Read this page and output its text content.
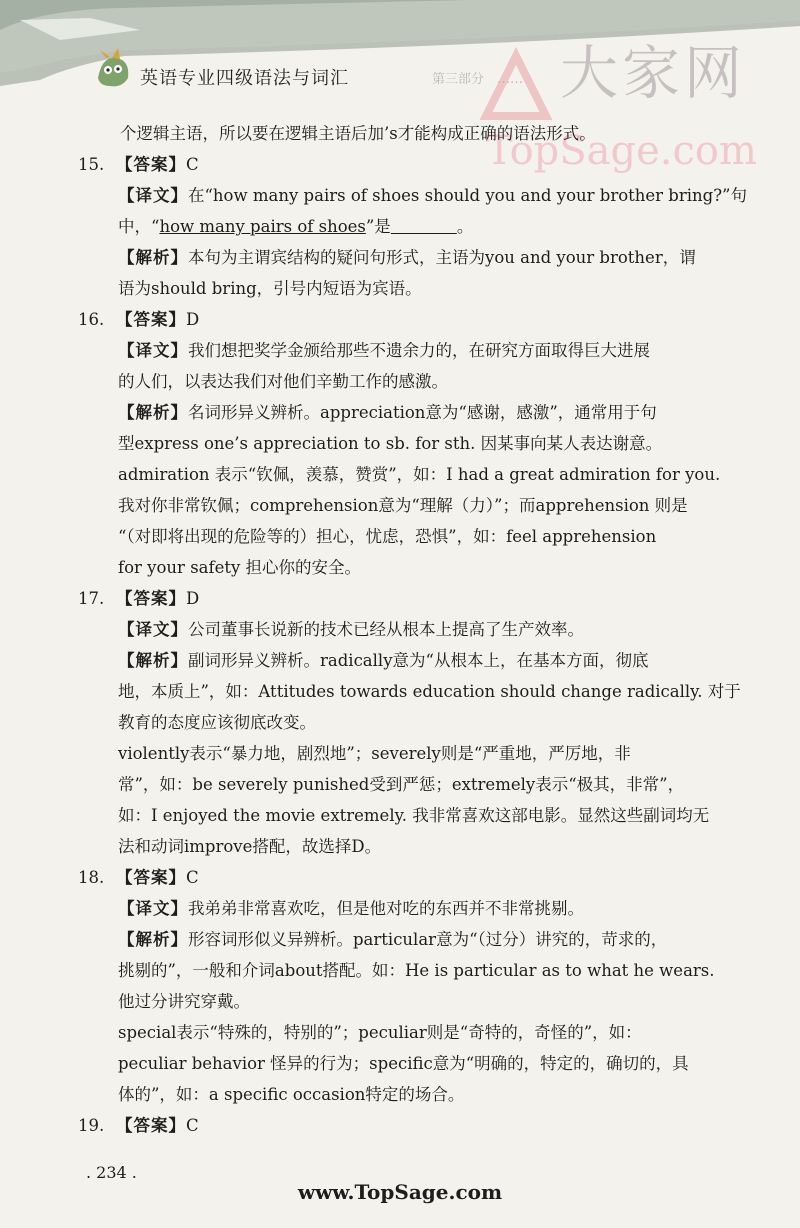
英语专业四级语法与词汇	第三部分　…… 大家网
TopSage.com
个逻辑主语，所以要在逻辑主语后加’s才能构成正确的语法形式。
15. 【答案】C
【译文】在“how many pairs of shoes should you and your brother bring?”句
中，“how many pairs of shoes”是　　　　	。
【解析】本句为主谓宾结构的疑问句形式，主语为you and your brother，谓
语为should bring，引号内短语为宾语。
16. 【答案】D
【译文】我们想把奖学金颁给那些不遗余力的，在研究方面取得巨大进展
的人们，以表达我们对他们辛勤工作的感激。
【解析】名词形异义辨析。appreciation意为“感谢，感激”，通常用于句
型express one’s appreciation to sb. for sth. 因某事向某人表达谢意。
admiration 表示“钦佩，羡慕，赞赏”，如：I had a great admiration for you.
我对你非常钦佩；comprehension意为“理解（力）”；而apprehension 则是
“（对即将出现的危险等的）担心，忧虑，恐惧”，如：feel apprehension
for your safety 担心你的安全。
17. 【答案】D
【译文】公司董事长说新的技术已经从根本上提高了生产效率。
【解析】副词形异义辨析。radically意为“从根本上，在基本方面，彻底
地，本质上”，如：Attitudes towards education should change radically. 对于
教育的态度应该彻底改变。
violently表示“暴力地，剧烈地”；severely则是“严重地，严厉地，非
常”，如：be severely punished受到严惩；extremely表示“极其，非常”，
如：I enjoyed the movie extremely. 我非常喜欢这部电影。显然这些副词均无
法和动词improve搭配，故选择D。
18. 【答案】C
【译文】我弟弟非常喜欢吃，但是他对吃的东西并不非常挑剔。
【解析】形容词形似义异辨析。particular意为“（过分）讲究的，苛求的，
挑剔的”，一般和介词about搭配。如：He is particular as to what he wears.
他过分讲究穿戴。
special表示“特殊的，特别的”；peculiar则是“奇特的，奇怪的”，如：
peculiar behavior 怪异的行为；specific意为“明确的，特定的，确切的，具
体的”，如：a specific occasion特定的场合。
19. 【答案】C
. 234 .
www.TopSage.com
